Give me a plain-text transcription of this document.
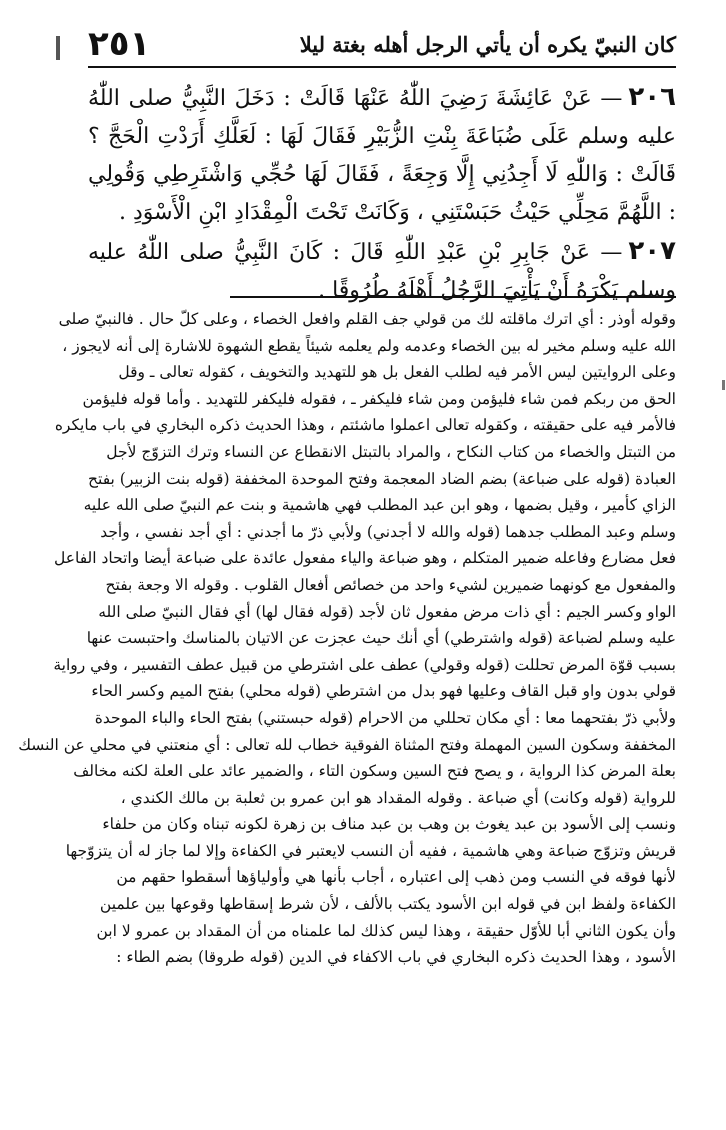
كان النبيّ يكره أن يأتي الرجل أهله بغتة ليلا
٢٥١

٢٠٦— عَنْ عَائِشَةَ رَضِيَ اللّٰهُ عَنْهَا قَالَتْ : دَخَلَ النَّبِيُّ صلى اللّٰهُ عليه وسلم عَلَى ضُبَاعَةَ بِنْتِ الزُّبَيْرِ فَقَالَ لَهَا : لَعَلَّكِ أَرَدْتِ الْحَجَّ ؟ قَالَتْ : وَاللّٰهِ لَا أَجِدُنِي إِلَّا وَجِعَةً ، فَقَالَ لَهَا حُجِّي وَاشْتَرِطِي وَقُولِي : اللَّهُمَّ مَحِلِّي حَيْثُ حَبَسْتَنِي ، وَكَانَتْ تَحْتَ الْمِقْدَادِ ابْنِ الْأَسْوَدِ .

٢٠٧— عَنْ جَابِرِ بْنِ عَبْدِ اللّٰهِ قَالَ : كَانَ النَّبِيُّ صلى اللّٰهُ عليه وسلم يَكْرَهُ أَنْ يَأْتِيَ الرَّجُلُ أَهْلَهُ طُرُوقًا .

وقوله أوذر : أي اترك ماقلته لك من قولي جف القلم وافعل الخصاء ، وعلى كلّ حال . فالنبيّ صلى

الله عليه وسلم مخير له بين الخصاء وعدمه ولم يعلمه شيئاً يقطع الشهوة للاشارة إلى أنه لايجوز ،

وعلى الروايتين ليس الأمر فيه لطلب الفعل بل هو للتهديد والتخويف ، كقوله تعالى ـ وقل

الحق من ربكم فمن شاء فليؤمن ومن شاء فليكفر ـ ، فقوله فليكفر للتهديد . وأما قوله فليؤمن

فالأمر فيه على حقيقته ، وكقوله تعالى اعملوا ماشئتم ، وهذا الحديث ذكره البخاري في باب مايكره

من التبتل والخصاء من كتاب النكاح ، والمراد بالتبتل الانقطاع عن النساء وترك التزوّج لأجل

العبادة (قوله على ضباعة) بضم الضاد المعجمة وفتح الموحدة المخففة (قوله بنت الزبير) بفتح

الزاي كأمير ، وقيل بضمها ، وهو ابن عبد المطلب فهي هاشمية و بنت عم النبيّ صلى الله عليه

وسلم وعبد المطلب جدهما (قوله والله لا أجدني) ولأبي ذرّ ما أجدني : أي أجد نفسي ، وأجد

فعل مضارع وفاعله ضمير المتكلم ، وهو ضباعة والياء مفعول عائدة على ضباعة أيضا واتحاد الفاعل

والمفعول مع كونهما ضميرين لشيء واحد من خصائص أفعال القلوب . وقوله الا وجعة بفتح

الواو وكسر الجيم : أي ذات مرض مفعول ثان لأجد (قوله فقال لها) أي فقال النبيّ صلى الله

عليه وسلم لضباعة (قوله واشترطي) أي أنك حيث عجزت عن الاتيان بالمناسك واحتبست عنها

بسبب قوّة المرض تحللت (قوله وقولي) عطف على اشترطي من قبيل عطف التفسير ، وفي رواية

قولي بدون واو قبل القاف وعليها فهو بدل من اشترطي (قوله محلي) بفتح الميم وكسر الحاء

ولأبي ذرّ بفتحهما معا : أي مكان تحللي من الاحرام (قوله حبستني) بفتح الحاء والباء الموحدة

المخففة وسكون السين المهملة وفتح المثناة الفوقية خطاب لله تعالى : أي منعتني في محلي عن النسك

بعلة المرض كذا الرواية ، و يصح فتح السين وسكون التاء ، والضمير عائد على العلة لكنه مخالف

للرواية (قوله وكانت) أي ضباعة . وقوله المقداد هو ابن عمرو بن ثعلبة بن مالك الكندي ،

ونسب إلى الأسود بن عبد يغوث بن وهب بن عبد مناف بن زهرة لكونه تبناه وكان من حلفاء

قريش وتزوّج ضباعة وهي هاشمية ، ففيه أن النسب لايعتبر في الكفاءة وإلا لما جاز له أن يتزوّجها

لأنها فوقه في النسب ومن ذهب إلى اعتباره ، أجاب بأنها هي وأولياؤها أسقطوا حقهم من

الكفاءة ولفظ ابن في قوله ابن الأسود يكتب بالألف ، لأن شرط إسقاطها وقوعها بين علمين

وأن يكون الثاني أبا للأوّل حقيقة ، وهذا ليس كذلك لما علمناه من أن المقداد بن عمرو لا ابن

الأسود ، وهذا الحديث ذكره البخاري في باب الاكفاء في الدين (قوله طروقا) بضم الطاء :
